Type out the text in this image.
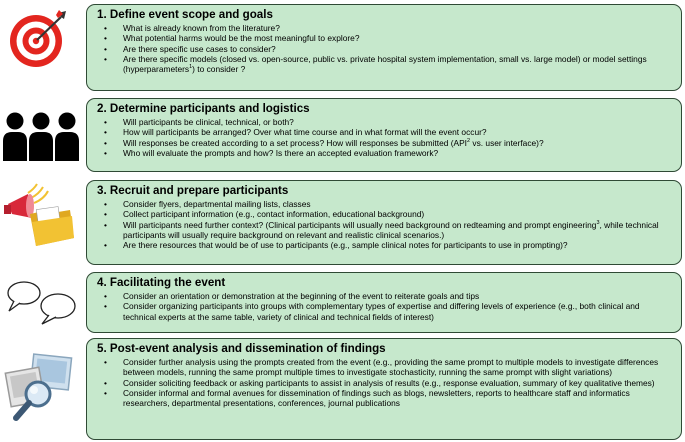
1. Define event scope and goals
• What is already known from the literature?
• What potential harms would be the most meaningful to explore?
• Are there specific use cases to consider?
• Are there specific models (closed vs. open-source, public vs. private hospital system implementation, small vs. large model) or model settings (hyperparameters$^1$) to consider ?
2. Determine participants and logistics
• Will participants be clinical, technical, or both?
• How will participants be arranged? Over what time course and in what format will the event occur?
• Will responses be created according to a set process? How will responses be submitted (API$^2$ vs. user interface)?
• Who will evaluate the prompts and how? Is there an accepted evaluation framework?
3. Recruit and prepare participants
• Consider flyers, departmental mailing lists, classes
• Collect participant information (e.g., contact information, educational background)
• Will participants need further context? (Clinical participants will usually need background on redteaming and prompt engineering$^3$, while technical participants will usually require background on relevant and realistic clinical scenarios.)
• Are there resources that would be of use to participants (e.g., sample clinical notes for participants to use in prompting)?
4. Facilitating the event
• Consider an orientation or demonstration at the beginning of the event to reiterate goals and tips
• Consider organizing participants into groups with complementary types of expertise and differing levels of experience (e.g., both clinical and technical experts at the same table, variety of clinical and technical fields of interest)
5. Post-event analysis and dissemination of findings
• Consider further analysis using the prompts created from the event (e.g., providing the same prompt to multiple models to investigate differences between models, running the same prompt multiple times to investigate stochasticity, running the same prompt with slight variations)
• Consider soliciting feedback or asking participants to assist in analysis of results (e.g., response evaluation, summary of key qualitative themes)
• Consider informal and formal avenues for dissemination of findings such as blogs, newsletters, reports to healthcare staff and informatics researchers, departmental presentations, conferences, journal publications
